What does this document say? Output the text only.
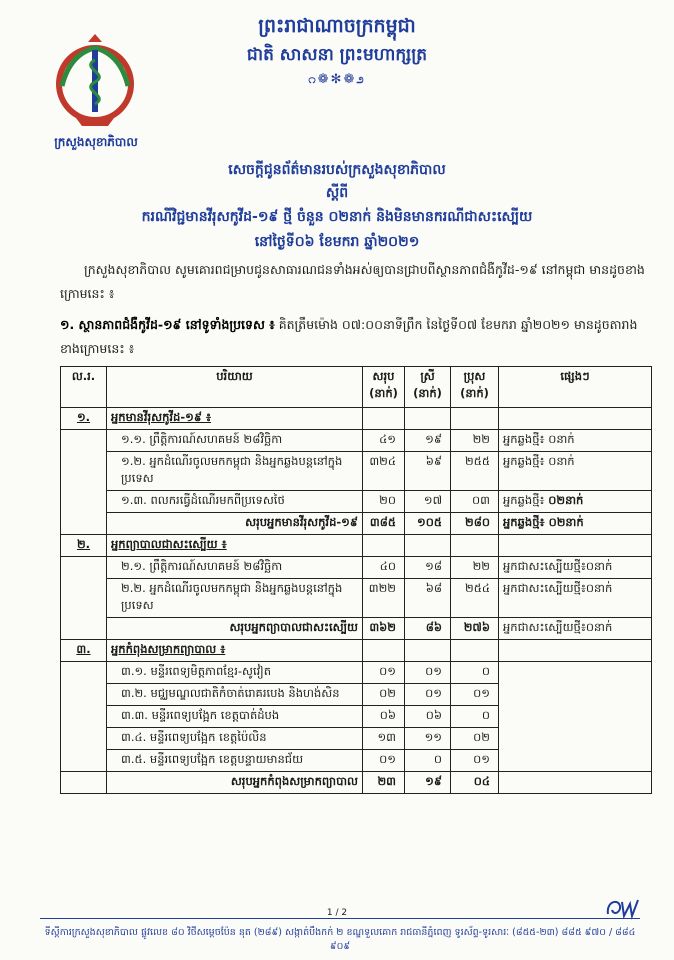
ព្រះរាជាណាចក្រកម្ពុជា
ជាតិ សាសនា ព្រះមហាក្សត្រ
೧❁✻❁೨
ក្រសួងសុខាភិបាល
សេចក្តីជូនព័ត៌មានរបស់ក្រសួងសុខាភិបាល
ស្តីពី
ករណីវិជ្ជមានវីរុសកូវីដ-១៩ ថ្មី ចំនួន ០២នាក់ និងមិនមានករណីជាសះស្បើយ
នៅថ្ងៃទី០៦ ខែមករា ឆ្នាំ២០២១
ក្រសួងសុខាភិបាល សូមគោរពជម្រាបជូនសាធារណជនទាំងអស់ឲ្យបានជ្រាបពីស្ថានភាពជំងឺកូវីដ-១៩ នៅកម្ពុជា មានដូចខាងក្រោមនេះ ៖
១. ស្ថានភាពជំងឺកូវីដ-១៩ នៅទូទាំងប្រទេស ៖ គិតត្រឹមម៉ោង ០៧:០០នាទីព្រឹក នៃថ្ងៃទី០៧ ខែមករា ឆ្នាំ២០២១ មានដូចតារាងខាងក្រោមនេះ ៖
ល.រ.	បរិយាយ	សរុប (នាក់)	ស្រី (នាក់)	ប្រុស (នាក់)	ផ្សេងៗ
១.	អ្នកមានវីរុសកូវីដ-១៩ ៖				
	១.១. ព្រឹត្តិការណ៍សហគមន៍ ២៨វិច្ឆិកា	៤១	១៩	២២	អ្នកឆ្លងថ្មី៖ ០នាក់
	១.២. អ្នកដំណើរចូលមកកម្ពុជា និងអ្នកឆ្លងបន្តនៅក្នុងប្រទេស	៣២៤	៦៩	២៥៥	អ្នកឆ្លងថ្មី៖ ០នាក់
	១.៣. ពលករធ្វើដំណើរមកពីប្រទេសថៃ	២០	១៧	០៣	អ្នកឆ្លងថ្មី៖ ០២នាក់
	សរុបអ្នកមានវីរុសកូវីដ-១៩	៣៨៥	១០៥	២៨០	អ្នកឆ្លងថ្មី៖ ០២នាក់
២.	អ្នកព្យាបាលជាសះស្បើយ ៖				
	២.១. ព្រឹត្តិការណ៍សហគមន៍ ២៨វិច្ឆិកា	៤០	១៨	២២	អ្នកជាសះស្បើយថ្មី៖០នាក់
	២.២. អ្នកដំណើរចូលមកកម្ពុជា និងអ្នកឆ្លងបន្តនៅក្នុងប្រទេស	៣២២	៦៨	២៥៤	អ្នកជាសះស្បើយថ្មី៖០នាក់
	សរុបអ្នកព្យាបាលជាសះស្បើយ	៣៦២	៨៦	២៧៦	អ្នកជាសះស្បើយថ្មី៖០នាក់
៣.	អ្នកកំពុងសម្រាកព្យាបាល ៖				
	៣.១. មន្ទីរពេទ្យមិត្តភាពខ្មែរ-សូវៀត	០១	០១	០	
	៣.២. មជ្ឈមណ្ឌលជាតិកំចាត់រោគរបេង និងហង់សិន	០២	០១	០១	
	៣.៣. មន្ទីរពេទ្យបង្អែក ខេត្តបាត់ដំបង	០៦	០៦	០	
	៣.៤. មន្ទីរពេទ្យបង្អែក ខេត្តប៉ៃលិន	១៣	១១	០២	
	៣.៥. មន្ទីរពេទ្យបង្អែក ខេត្តបន្ទាយមានជ័យ	០១	០	០១	
	សរុបអ្នកកំពុងសម្រាកព្យាបាល	២៣	១៩	០៤	
1 / 2
ទីស្តីការក្រសួងសុខាភិបាល ផ្លូវលេខ ៨០ វិថីសម្តេចប៉ែន នុត (២៨៩) សង្កាត់បឹងកក់ ២ ខណ្ឌទួលគោក រាជធានីភ្នំពេញ ទូរស័ព្ទ-ទូរសារៈ (៨៥៥-២៣) ៨៨៥ ៩៧០ / ៨៨៤ ៩០៩
